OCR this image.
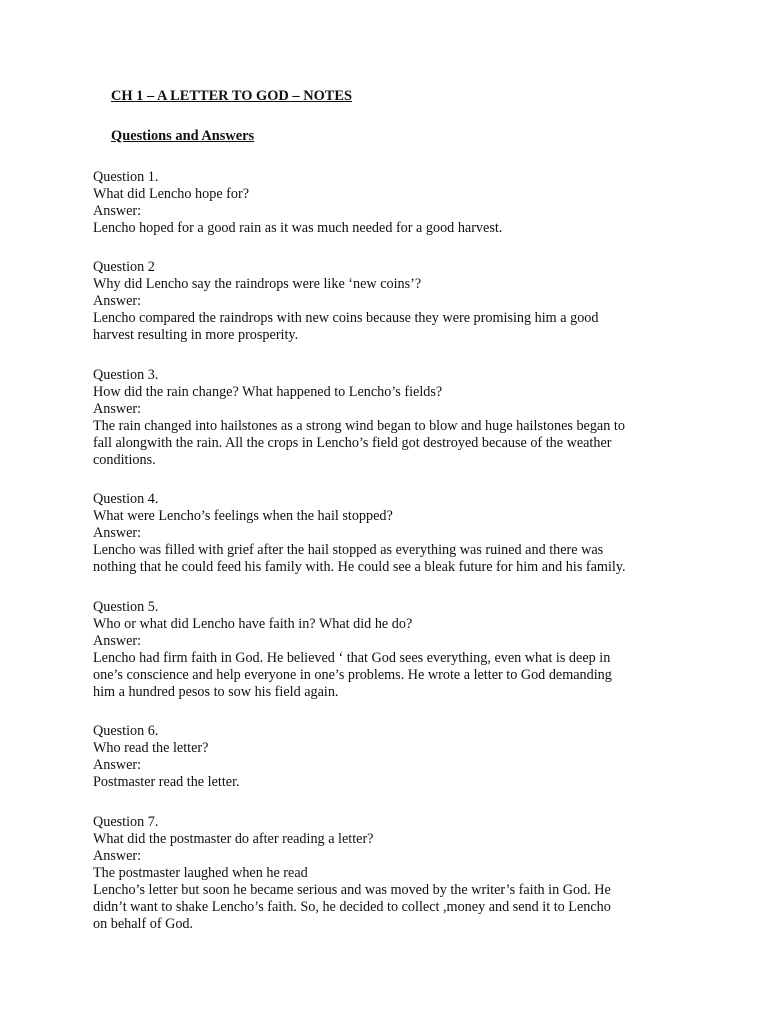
CH 1 – A LETTER TO GOD – NOTES
Questions and Answers
Question 1.
What did Lencho hope for?
Answer:
Lencho hoped for a good rain as it was much needed for a good harvest.
Question 2
Why did Lencho say the raindrops were like ‘new coins’?
Answer:
Lencho compared the raindrops with new coins because they were promising him a good
harvest resulting in more prosperity.
Question 3.
How did the rain change? What happened to Lencho’s fields?
Answer:
The rain changed into hailstones as a strong wind began to blow and huge hailstones began to
fall alongwith the rain. All the crops in Lencho’s field got destroyed because of the weather
conditions.
Question 4.
What were Lencho’s feelings when the hail stopped?
Answer:
Lencho was filled with grief after the hail stopped as everything was ruined and there was
nothing that he could feed his family with. He could see a bleak future for him and his family.
Question 5.
Who or what did Lencho have faith in? What did he do?
Answer:
Lencho had firm faith in God. He believed ‘ that God sees everything, even what is deep in
one’s conscience and help everyone in one’s problems. He wrote a letter to God demanding
him a hundred pesos to sow his field again.
Question 6.
Who read the letter?
Answer:
Postmaster read the letter.
Question 7.
What did the postmaster do after reading a letter?
Answer:
The postmaster laughed when he read
Lencho’s letter but soon he became serious and was moved by the writer’s faith in God. He
didn’t want to shake Lencho’s faith. So, he decided to collect ,money and send it to Lencho
on behalf of God.
